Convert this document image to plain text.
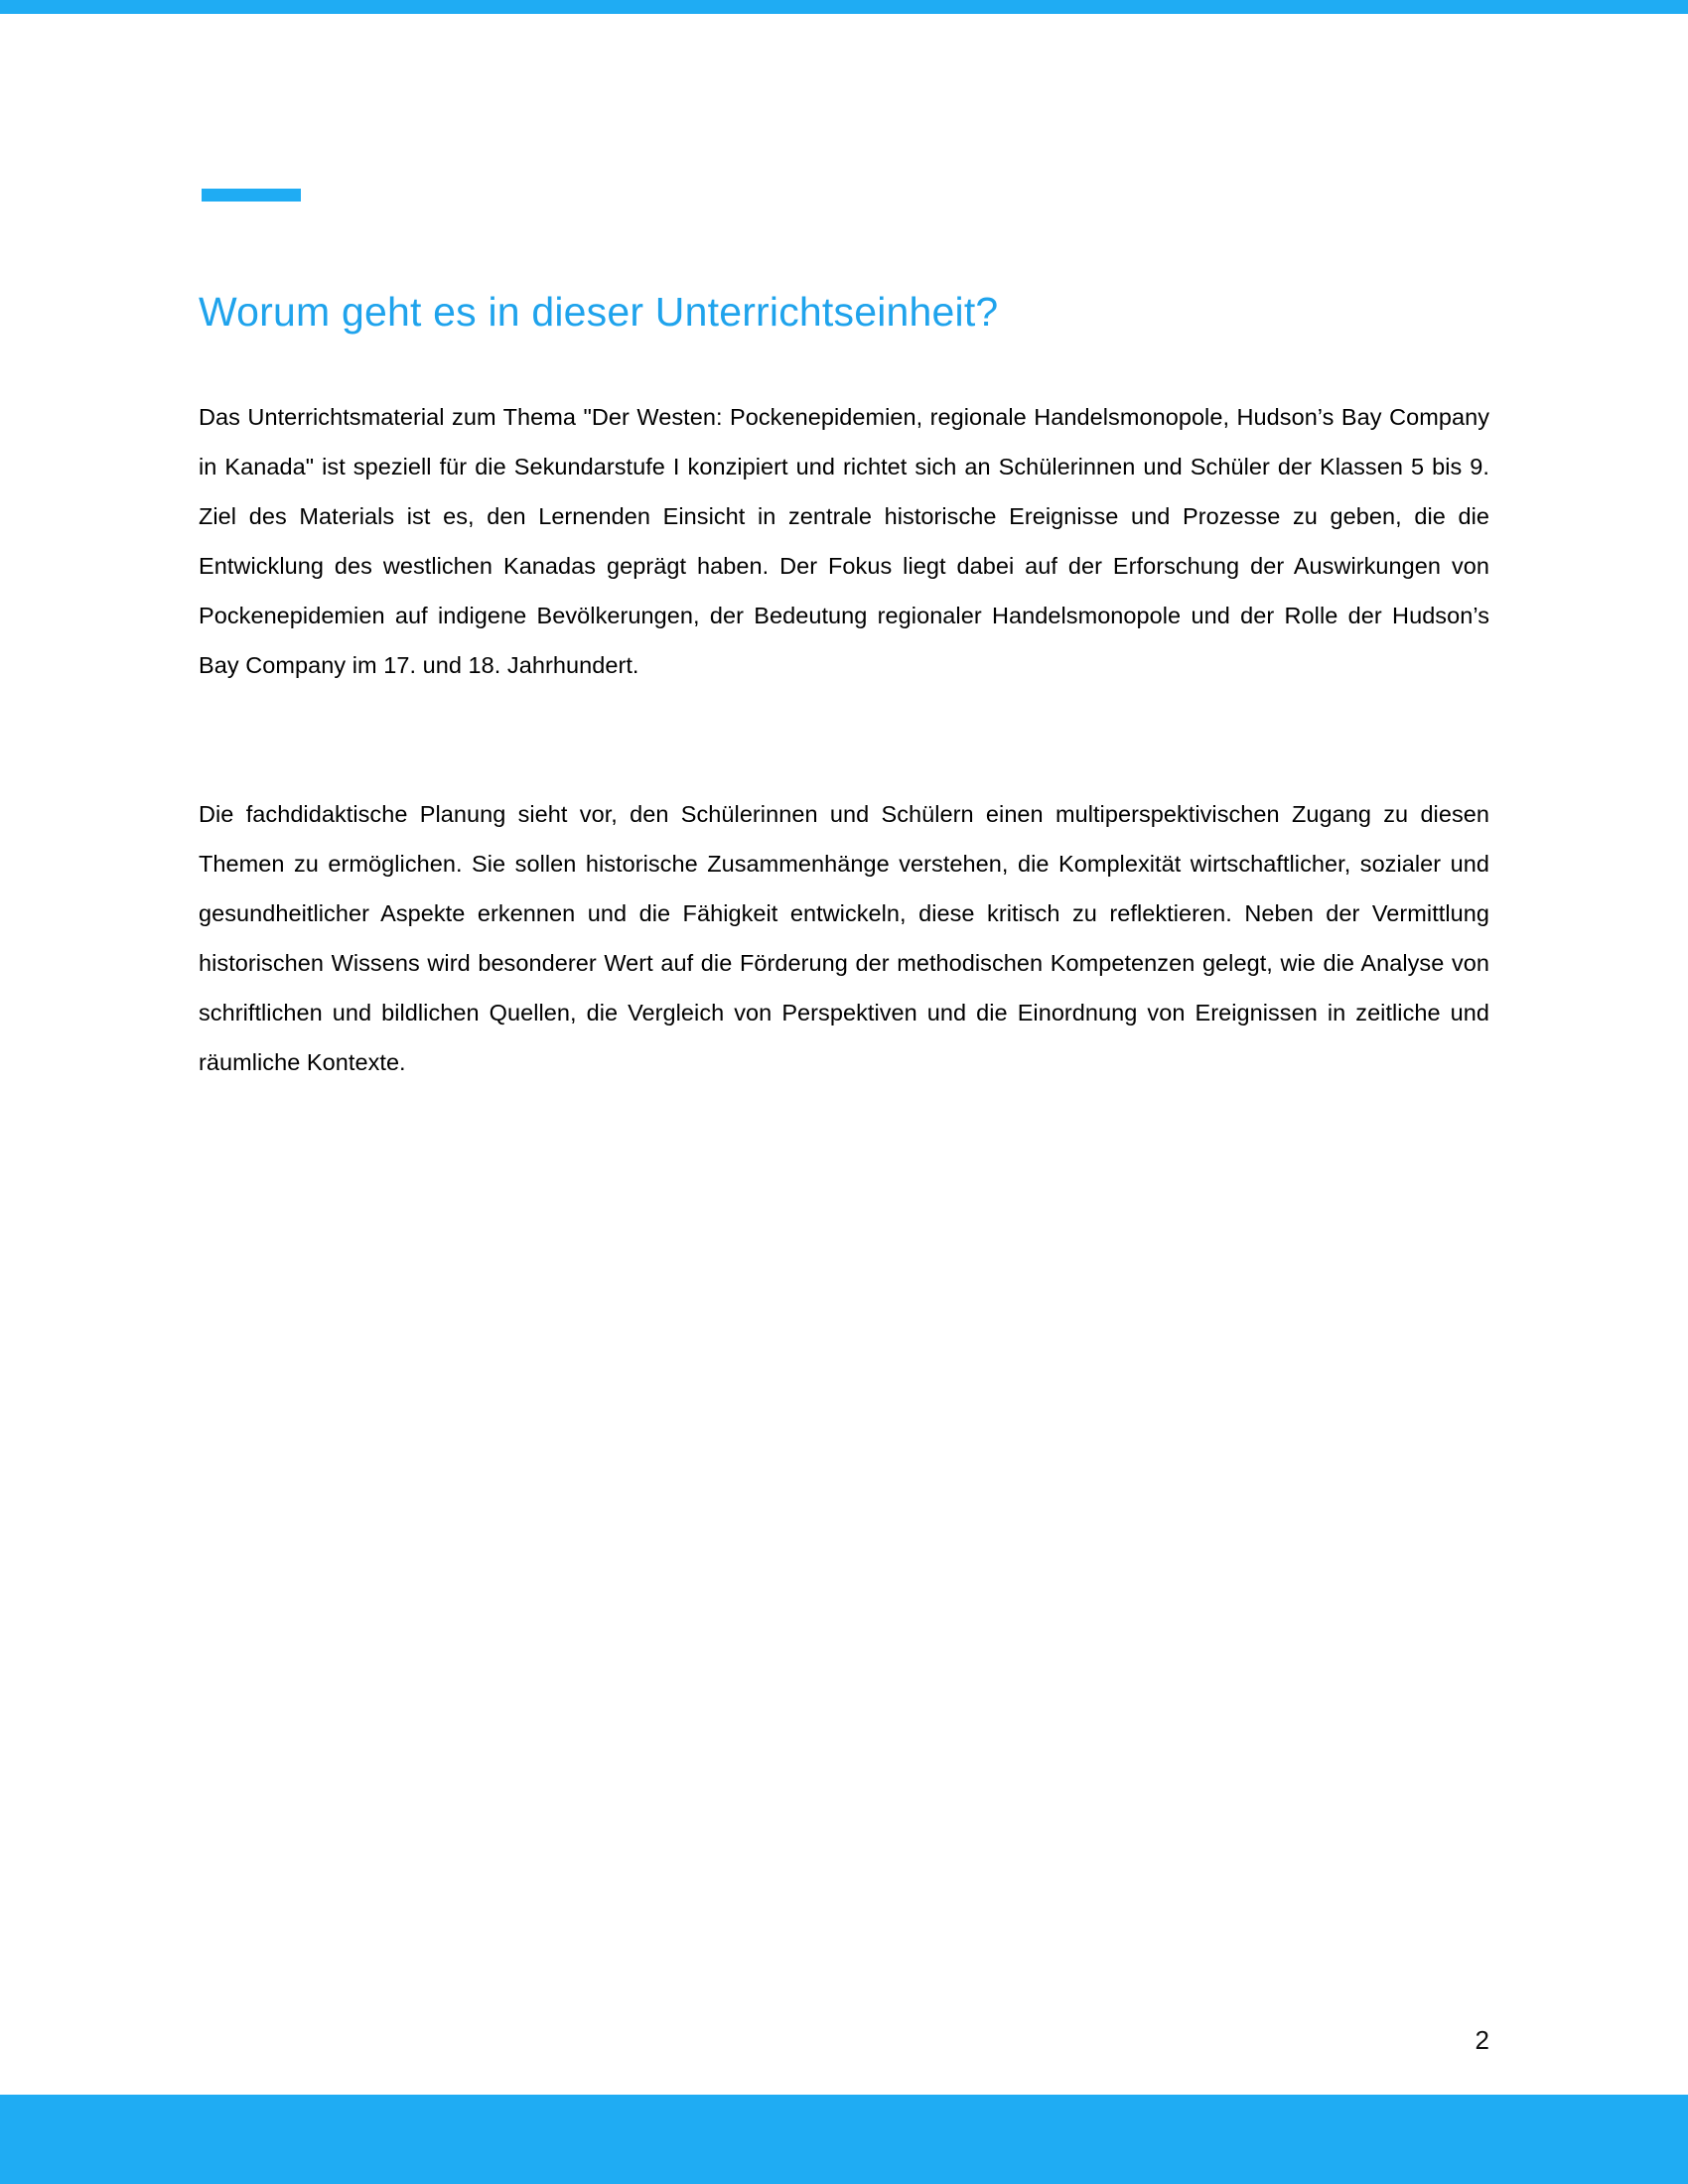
Worum geht es in dieser Unterrichtseinheit?

Das Unterrichtsmaterial zum Thema "Der Westen: Pockenepidemien, regionale Handelsmonopole, Hudson’s Bay Company in Kanada" ist speziell für die Sekundarstufe I konzipiert und richtet sich an Schülerinnen und Schüler der Klassen 5 bis 9. Ziel des Materials ist es, den Lernenden Einsicht in zentrale historische Ereignisse und Prozesse zu geben, die die Entwicklung des westlichen Kanadas geprägt haben. Der Fokus liegt dabei auf der Erforschung der Auswirkungen von Pockenepidemien auf indigene Bevölkerungen, der Bedeutung regionaler Handelsmonopole und der Rolle der Hudson’s Bay Company im 17. und 18. Jahrhundert.

Die fachdidaktische Planung sieht vor, den Schülerinnen und Schülern einen multiperspektivischen Zugang zu diesen Themen zu ermöglichen. Sie sollen historische Zusammenhänge verstehen, die Komplexität wirtschaftlicher, sozialer und gesundheitlicher Aspekte erkennen und die Fähigkeit entwickeln, diese kritisch zu reflektieren. Neben der Vermittlung historischen Wissens wird besonderer Wert auf die Förderung der methodischen Kompetenzen gelegt, wie die Analyse von schriftlichen und bildlichen Quellen, die Vergleich von Perspektiven und die Einordnung von Ereignissen in zeitliche und räumliche Kontexte.

2
